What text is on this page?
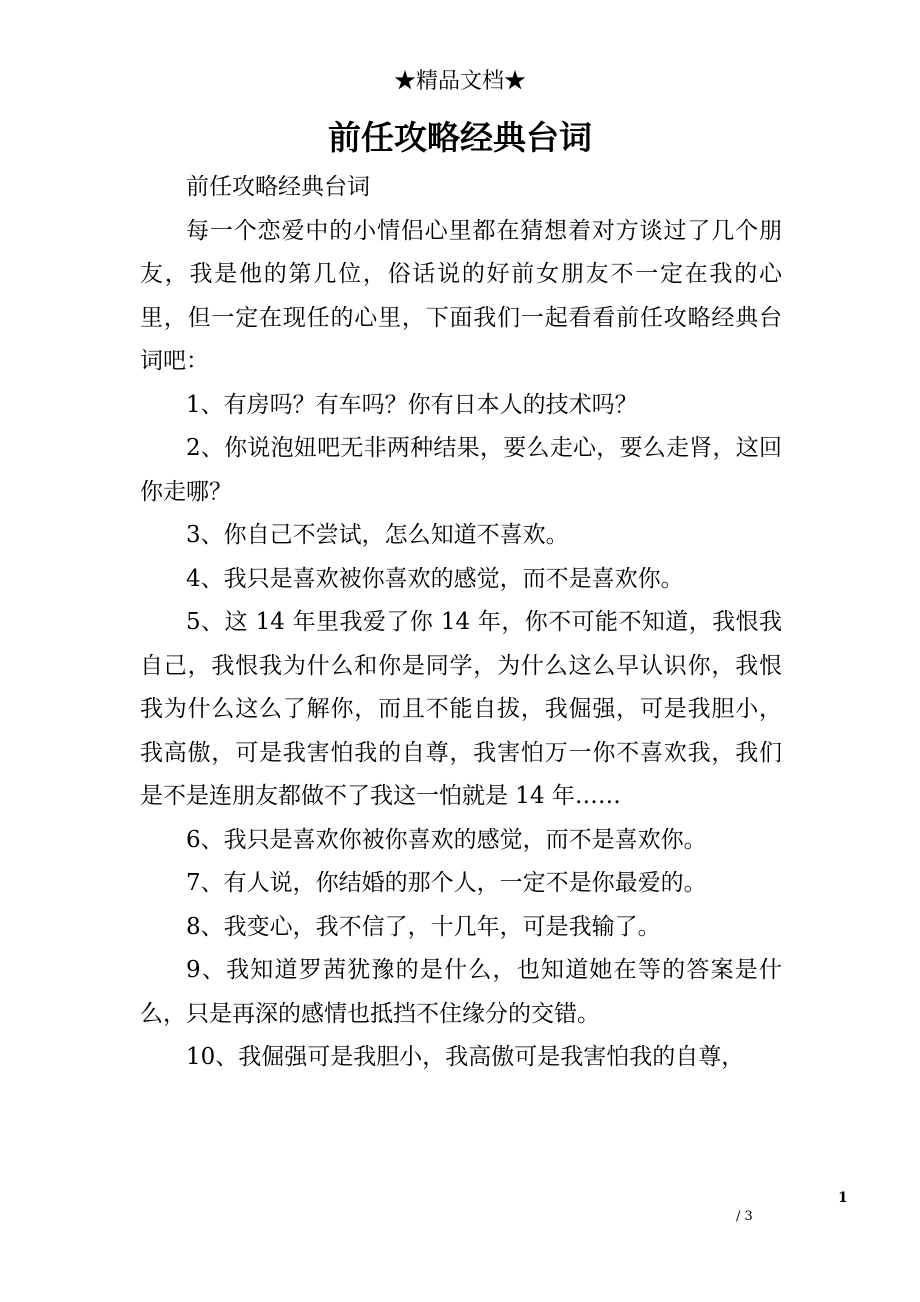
★精品文档★
前任攻略经典台词

前任攻略经典台词

每一个恋爱中的小情侣心里都在猜想着对方谈过了几个朋友，我是他的第几位，俗话说的好前女朋友不一定在我的心里，但一定在现任的心里，下面我们一起看看前任攻略经典台词吧：

1、有房吗？有车吗？你有日本人的技术吗？

2、你说泡妞吧无非两种结果，要么走心，要么走肾，这回你走哪？

3、你自己不尝试，怎么知道不喜欢。

4、我只是喜欢被你喜欢的感觉，而不是喜欢你。

5、这 14 年里我爱了你 14 年，你不可能不知道，我恨我自己，我恨我为什么和你是同学，为什么这么早认识你，我恨我为什么这么了解你，而且不能自拔，我倔强，可是我胆小，我高傲，可是我害怕我的自尊，我害怕万一你不喜欢我，我们是不是连朋友都做不了我这一怕就是 14 年……

6、我只是喜欢你被你喜欢的感觉，而不是喜欢你。

7、有人说，你结婚的那个人，一定不是你最爱的。

8、我变心，我不信了，十几年，可是我输了。

9、我知道罗茜犹豫的是什么，也知道她在等的答案是什么，只是再深的感情也抵挡不住缘分的交错。

10、我倔强可是我胆小，我高傲可是我害怕我的自尊，

1
/ 3
